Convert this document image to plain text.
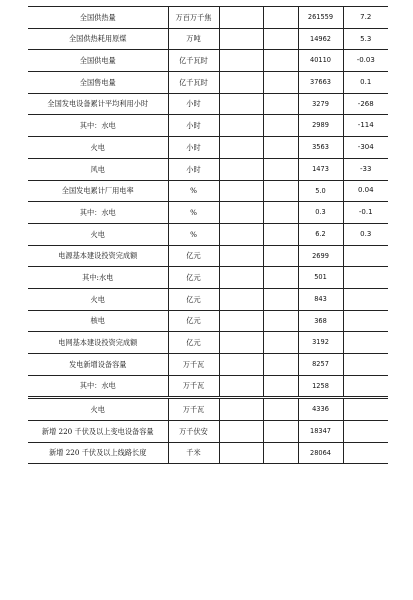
全国供热量	万百万千焦			261559	7.2
全国供热耗用原煤	万吨			14962	5.3
全国供电量	亿千瓦时			40110	-0.03
全国售电量	亿千瓦时			37663	0.1
全国发电设备累计平均利用小时	小时			3279	-268
其中：水电	小时			2989	-114
火电	小时			3563	-304
风电	小时			1473	-33
全国发电累计厂用电率	%			5.0	0.04
其中：水电	%			0.3	-0.1
火电	%			6.2	0.3
电源基本建设投资完成额	亿元			2699	
其中:水电	亿元			501	
火电	亿元			843	
核电	亿元			368	
电网基本建设投资完成额	亿元			3192	
发电新增设备容量	万千瓦			8257	
其中：水电	万千瓦			1258	
火电	万千瓦			4336	
新增 220 千伏及以上变电设备容量	万千伏安			18347	
新增 220 千伏及以上线路长度	千米			28064	
